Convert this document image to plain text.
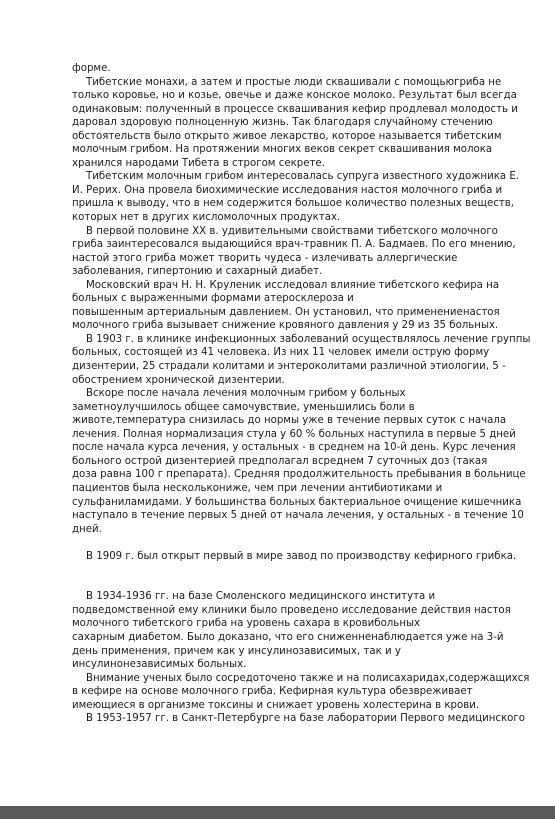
форме.
Тибетские монахи, а затем и простые люди сквашивали с помощьюгриба не
только коровье, но и козье, овечье и даже конское молоко. Результат был всегда
одинаковым: полученный в процессе сквашивания кефир продлевал молодость и
даровал здоровую полноценную жизнь. Так благодаря случайному стечению
обстоятельств было открыто живое лекарство, которое называется тибетским
молочным грибом. На протяжении многих веков секрет сквашивания молока
хранился народами Тибета в строгом секрете.
Тибетским молочным грибом интересовалась супруга известного художника Е.
И. Рерих. Она провела биохимические исследования настоя молочного гриба и
пришла к выводу, что в нем содержится большое количество полезных веществ,
которых нет в других кисломолочных продуктах.
В первой половине XX в. удивительными свойствами тибетского молочного
гриба заинтересовался выдающийся врач-травник П. А. Бадмаев. По его мнению,
настой этого гриба может творить чудеса - излечивать аллергические
заболевания, гипертонию и сахарный диабет.
Московский врач Н. Н. Круленик исследовал влияние тибетского кефира на
больных с выраженными формами атеросклероза и
повышенным артериальным давлением. Он установил, что применениенастоя
молочного гриба вызывает снижение кровяного давления у 29 из 35 больных.
В 1903 г. в клинике инфекционных заболеваний осуществлялось лечение группы
больных, состоящей из 41 человека. Из них 11 человек имели острую форму
дизентерии, 25 страдали колитами и энтероколитами различной этиологии, 5 -
обострением хронической дизентерии.
Вскоре после начала лечения молочным грибом у больных
заметноулучшилось общее самочувствие, уменьшились боли в
животе,температура снизилась до нормы уже в течение первых суток с начала
лечения. Полная нормализация стула у 60 % больных наступила в первые 5 дней
после начала курса лечения, у остальных - в среднем на 10-й день. Курс лечения
больного острой дизентерией предполагал всреднем 7 суточных доз (такая
доза равна 100 г препарата). Средняя продолжительность пребывания в больнице
пациентов была несколькониже, чем при лечении антибиотиками и
сульфаниламидами. У большинства больных бактериальное очищение кишечника
наступало в течение первых 5 дней от начала лечения, у остальных - в течение 10
дней.
В 1909 г. был открыт первый в мире завод по производству кефирного грибка.
В 1934-1936 гг. на базе Смоленского медицинского института и
подведомственной ему клиники было проведено исследование действия настоя
молочного тибетского гриба на уровень сахара в кровибольных
сахарным диабетом. Было доказано, что его сниженненаблюдается уже на 3-й
день применения, причем как у инсулинозависимых, так и у
инсулинонезависимых больных.
Внимание ученых было сосредоточено также и на полисахаридах,содержащихся
в кефире на основе молочного гриба. Кефирная культура обезвреживает
имеющиеся в организме токсины и снижает уровень холестерина в крови.
В 1953-1957 гг. в Санкт-Петербурге на базе лаборатории Первого медицинского
